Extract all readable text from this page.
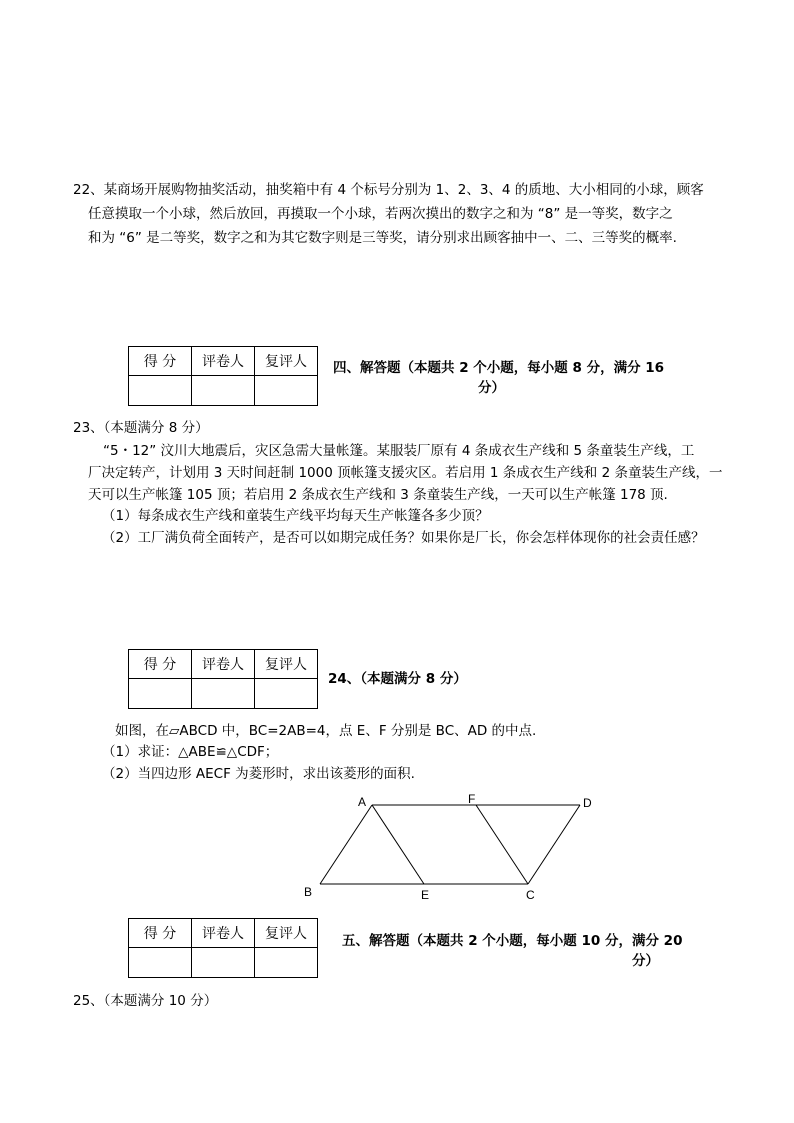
22、某商场开展购物抽奖活动，抽奖箱中有 4 个标号分别为 1、2、3、4 的质地、大小相同的小球，顾客
任意摸取一个小球，然后放回，再摸取一个小球，若两次摸出的数字之和为 “8” 是一等奖，数字之
和为 “6” 是二等奖，数字之和为其它数字则是三等奖，请分别求出顾客抽中一、二、三等奖的概率.
得 分	评卷人	复评人
		四、解答题（本题共 2 个小题，每小题 8 分，满分 16
分）
23、（本题满分 8 分）
“5・12” 汶川大地震后，灾区急需大量帐篷。某服装厂原有 4 条成衣生产线和 5 条童装生产线，工
厂决定转产，计划用 3 天时间赶制 1000 顶帐篷支援灾区。若启用 1 条成衣生产线和 2 条童装生产线，一
天可以生产帐篷 105 顶；若启用 2 条成衣生产线和 3 条童装生产线，一天可以生产帐篷 178 顶.
（1）每条成衣生产线和童装生产线平均每天生产帐篷各多少顶？
（2）工厂满负荷全面转产，是否可以如期完成任务？如果你是厂长，你会怎样体现你的社会责任感？
得 分	评卷人	复评人

24、（本题满分 8 分）
如图，在▱ABCD 中，BC=2AB=4，点 E、F 分别是 BC、AD 的中点.
（1）求证：△ABE≌△CDF；
（2）当四边形 AECF 为菱形时，求出该菱形的面积.
A	F	D
B	E	C
得 分	评卷人	复评人
			五、解答题（本题共 2 个小题，每小题 10 分，满分 20
分）
25、（本题满分 10 分）
